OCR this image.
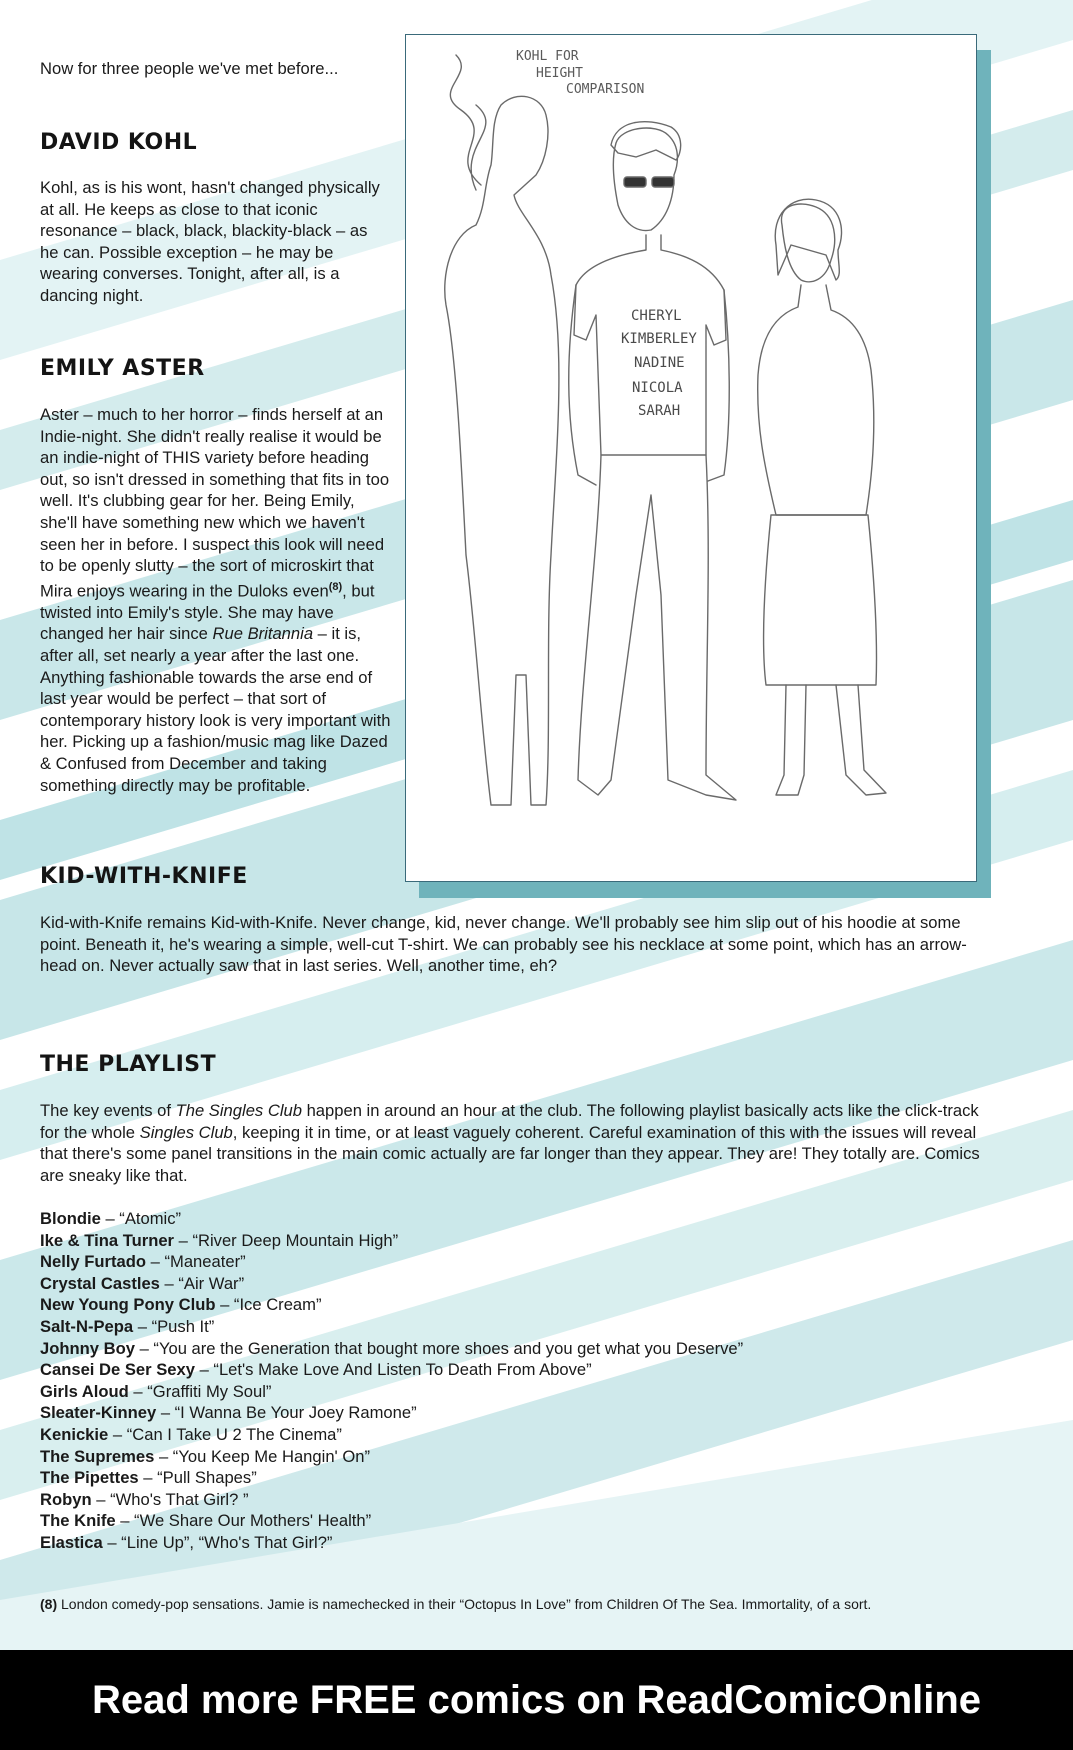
Now for three people we've met before...

DAVID KOHL

Kohl, as is his wont, hasn't changed physically at all. He keeps as close to that iconic resonance – black, black, blackity-black – as he can. Possible exception – he may be wearing converses. Tonight, after all, is a dancing night.

EMILY ASTER

Aster – much to her horror – finds herself at an Indie-night. She didn't really realise it would be an indie-night of THIS variety before heading out, so isn't dressed in something that fits in too well. It's clubbing gear for her. Being Emily, she'll have something new which we haven't seen her in before. I suspect this look will need to be openly slutty – the sort of microskirt that Mira enjoys wearing in the Duloks even$^{(8)}$, but twisted into Emily's style. She may have changed her hair since Rue Britannia – it is, after all, set nearly a year after the last one. Anything fashionable towards the arse end of last year would be perfect – that sort of contemporary history look is very important with her. Picking up a fashion/music mag like Dazed & Confused from December and taking something directly may be profitable.

KOHL FOR
HEIGHT
COMPARISON
CHERYL
KIMBERLEY
NADINE
NICOLA
SARAH
KID-WITH-KNIFE

Kid-with-Knife remains Kid-with-Knife. Never change, kid, never change. We'll probably see him slip out of his hoodie at some point. Beneath it, he's wearing a simple, well-cut T-shirt. We can probably see his necklace at some point, which has an arrow-head on. Never actually saw that in last series. Well, another time, eh?

THE PLAYLIST

The key events of The Singles Club happen in around an hour at the club. The following playlist basically acts like the click-track for the whole Singles Club, keeping it in time, or at least vaguely coherent. Careful examination of this with the issues will reveal that there's some panel transitions in the main comic actually are far longer than they appear. They are! They totally are. Comics are sneaky like that.

Blondie – “Atomic”
Ike & Tina Turner – “River Deep Mountain High”
Nelly Furtado – “Maneater”
Crystal Castles – “Air War”
New Young Pony Club – “Ice Cream”
Salt-N-Pepa – “Push It”
Johnny Boy – “You are the Generation that bought more shoes and you get what you Deserve”
Cansei De Ser Sexy – “Let's Make Love And Listen To Death From Above”
Girls Aloud – “Graffiti My Soul”
Sleater-Kinney – “I Wanna Be Your Joey Ramone”
Kenickie – “Can I Take U 2 The Cinema”
The Supremes – “You Keep Me Hangin' On”
The Pipettes – “Pull Shapes”
Robyn – “Who's That Girl? ”
The Knife – “We Share Our Mothers' Health”
Elastica – “Line Up”, “Who's That Girl?”

(8) London comedy-pop sensations. Jamie is namechecked in their “Octopus In Love” from Children Of The Sea. Immortality, of a sort.

Read more FREE comics on ReadComicOnline
